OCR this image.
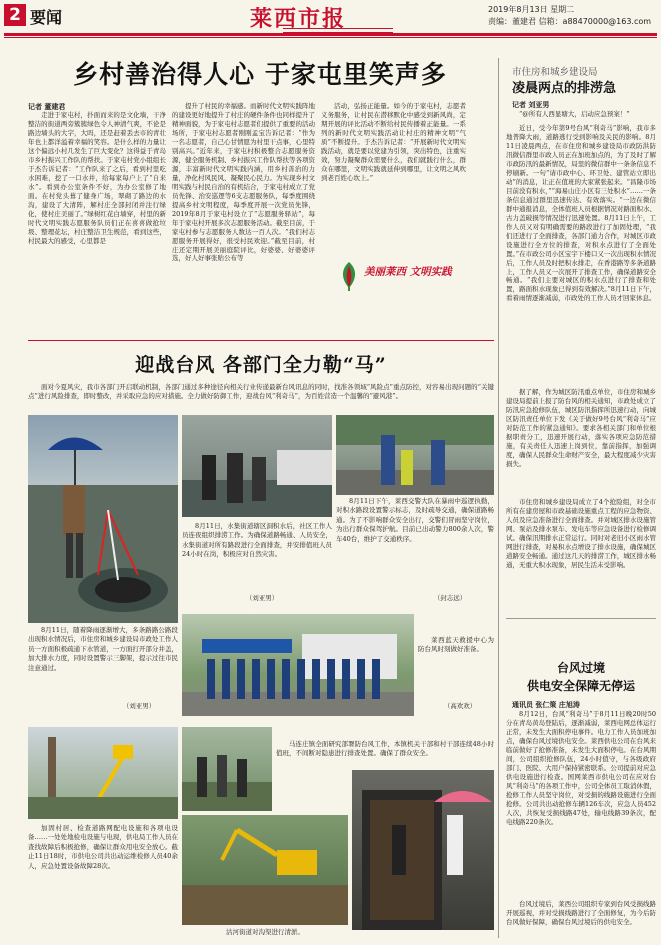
2 要闻	莱西市报	2019年8月13日 星期二
责编：董建君 信箱：a88470000@163.com
乡村善治得人心 于家屯里笑声多
记者 董建君

走进于家屯村，扑面而来的是文化墙，干净整洁的街道两旁簇簇绿色令人神清气爽，不论是路边墙头的大字，大吗，还是赶着丢去市的青壮年也上都洋溢着幸福的笑容。是什么样的力量让这个偏远小村几发生了巨大变化？这得益于青岛市乡村振兴工作队的帮扶。于家屯村党小组组长于杰告诉记者：“工作队来了之后，看到村里吃水困难，挖了一口水井，给每家每户上了“自来水”。看到办公室条件不好，为办公室修了地面。在村党头葺了健身广场，翠砌了路边的水沟，建设了大清阵，解村庄全部封闭并注行绿化，使村庄美丽了。”绿树红花白墙穿，村里的新时代文明实践志愿服务队员们正在喜喜做抢垃圾、整理花坛，村庄整洁卫生规范，看到这些，村民最大的感受，心里都是

提升了村民的幸福感。而新时代文明实践阵地的建设更好地提升了村庄的硬件条件也同样提升了精神面貌，为于家屯村志愿者们提供了重要的活动场所，于家屯村志愿者刚刚孟宝告诉记者：“作为一名志愿者，自己心甘情愿为村里干点事，心里特别高兴。”近年来，于家屯村积极整合志愿服务资源，健全服务机制、乡村振兴工作队帮扶等各项资源，丰富新时代文明实践内涵，用乡村善治的力量，净化村风民风、凝聚民心民力。为实现乡村文明实践与村民自治的有机结合，于家屯村成立了党员先锋、治安巡逻等6支志愿服务队，每季度围绕提高乡村文明程度，每季度开展一次党员先锋，2019年8月于家屯村设立了“志愿服务驿站”，每年于家屯村开展多次志愿服务活动。截至目前，于家屯村参与志愿服务人数达一百人次。“我们村志愿服务开展得好，很受村民欢迎。”截至目前，村庄还定期开展美丽庭院评比，好婆婆、好婆婆评选，好人好事张贴公布等

活动，弘扬正能量。如今的于家屯村，志愿者义务服务，让村民在潜移默化中感受到新风尚，定期开展的评比活动不断给村民传播着正能量。一系列的新时代文明实践活动让村庄的精神文明“气质”不断提升。于杰告诉记者：“开展新时代文明实践活动，就是要以党建为引领，突出特色，注重实效，努力凝聚群众需要什么，我们就践行什么，群众在哪里，文明实践就延伸到哪里，让文明之风吹到老百姓心坎上。”

美丽莱西 文明实践
迎战台风 各部门全力勒“马”

面对今夏风灾，我市各部门开启联动机制，各部门通过多种途径向相关行业传递最新台风讯息的同时，找准各领域“风险点”重点防控，对容易出现问题的“关键点”进行风险排查，即时整改，并采取应急的应对措施。全力做好防御工作，迎战台风“利奇马”，为百姓营造一个温馨的“避风港”。

8月11日，随着降雨逐渐增大，多条路路公路段出现积水情况后，市住房和城乡建设局市政处工作人员一方面积极疏通下水管道，一方面打开部分井盖，加大排水力度，同时设置警示三脚架，提示过往市民注意通过。

（刘亚男）

8月11日，水集街道辖区洞积水后，社区工作人员连夜组织排涝工作。为确保道路畅通、人员安全，水集街道对所有路段进行全面排查，并安排值班人员24小时在岗，积极应对自然灾害。

（刘亚男）

8月11日下午，莱西交警大队在暴雨中巡逻执勤，对积水路段设置警示标志，及时疏导交通，确保道路畅通。为了不影响群众安全出行，交警们冒雨坚守岗位，为出行群众保驾护航。目前已出动警力800余人次，警车40台，维护了交通秩序。

（封志远）

莱西蓝天救援中心为防台风时刻做好准备。

（高欢欢）

加固村居、检查道路网配电设施和各项电设备……一处处地检电设施与电现，供电局工作人员在查找故障后积极抢修，确保让群众用电安全放心。截止11日18时，市供电公司共出动运维检修人员40余人，应急处置设备故障28次。

马连庄镇全面研究部署防台风工作，本镇机关干部和村干部连续48小时值班，不间断对隐患进行排查处置。确保了群众安全。

沽河街道对沟渠进行清淤。
市住房和城乡建设局
凌晨两点的排涝急
记者 刘亚男

“@所有人西显塘大，启动应急预案！”

近日，受今年第9号台风“利奇马”影响，我市多地普降大雨，道路逃行受到影响及关民的影响。8月11日凌晨两点，在市住房和城乡建设局市政防洪防汛微信群里市政人员正在加班加点的，为了及时了解市政防汛的最新情况，局里的微信群中一条条信息不停刷新。一句“请市政中心、环卫处、建管站立即出动”的消息，让正在值班的大家紧张起来。“昌隆市场目前没有积水，”“海易山庄小区有三处积水”……一条条信息通过群里迅速传达、有效落实。“一边在微信群中通报消息，全体值班人员根据情况对路面积水、古力盖破损等情况进行迅速处置。8月11日上午，工作人员又对有明确需要的路段进行了加固处理，“我们还进行了全面排查，各部门通力合作，对城区市政设施进行全方位的排查，对积水点进行了全面处置。”在市政公司小区宝宇下楼口又一次出现积水情况后，工作人员及时把积水排走，在香港路等多条道路上，工作人员又一次展开了排查工作，确保道路安全畅通。“我们主要对城区的积水点进行了排查和处置，路面积水现象已得到有效解决。”8月11日下午，看着雨情逐渐减弱，市政处的工作人员才回家休息。

据了解，作为城区防汛重点单位，市住房和城乡建设局提前上报了防台风的相关通知，市政处成立了防汛应急抢修队伍，城区防汛指挥所迅速行动，向城区防汛责任单位下发《关于做好9号台风“利奇马”应对防范工作的紧急通知》。要求各相关部门和单位根据职责分工，迅速开展行动，落实各项应急防范措施，有关责任人迅速上岗到位，靠前指挥，加强调度，确保人民群众生命财产安全，最大程度减少灾害损失。

市住房和城乡建设局成立了4个抢险组，对全市所有在建房屋和市政基础设施重点工程的应急物资、人员及应急准备进行全面排查。并对城区排水设施管网、泵站及排水泵车、发电车等应急设备进行检修调试。确保汛期排水正常运行。同时对老旧小区雨水管网进行排查，对易积水点增设了排水设施，确保城区道路安全畅通。通过这几天的排涝工作，城区排水畅通，无重大积水现象，居民生活未受影响。

台风过境
供电安全保障无停运
通讯员 张仁策 庄旭涛

8月12日，台风“利奇马”于8月11日晚20时50分在青岛黄岛登陆后，逐渐减弱，莱西电网总体运行正常，未发生大面积停电事件。电力工作人员加班加点，确保台风过境供电安全。莱西供电公司在台风来临前做好了抢修准备，未发生大面积停电。在台风期间，公司组织抢修队伍，24小时值守，与各级政府部门、医院、大用户保持紧密联系。公司提前对应急供电设施进行检查。国网莱西市供电公司在应对台风“利奇马”的各项工作中，公司全体员工取消休假，抢修工作人员坚守岗位，对受损的线路设施进行全面抢修。公司共出动抢修车辆126车次，应急人员452人次，共恢复受损线路47处，输电线路39条次，配电线路220条次。

台风过境后，莱西公司组织专家到台风受损线路开展巡视，并对受损线路进行了全面修复，为今后防台风做好保障，确保台风过境后的供电安全。
